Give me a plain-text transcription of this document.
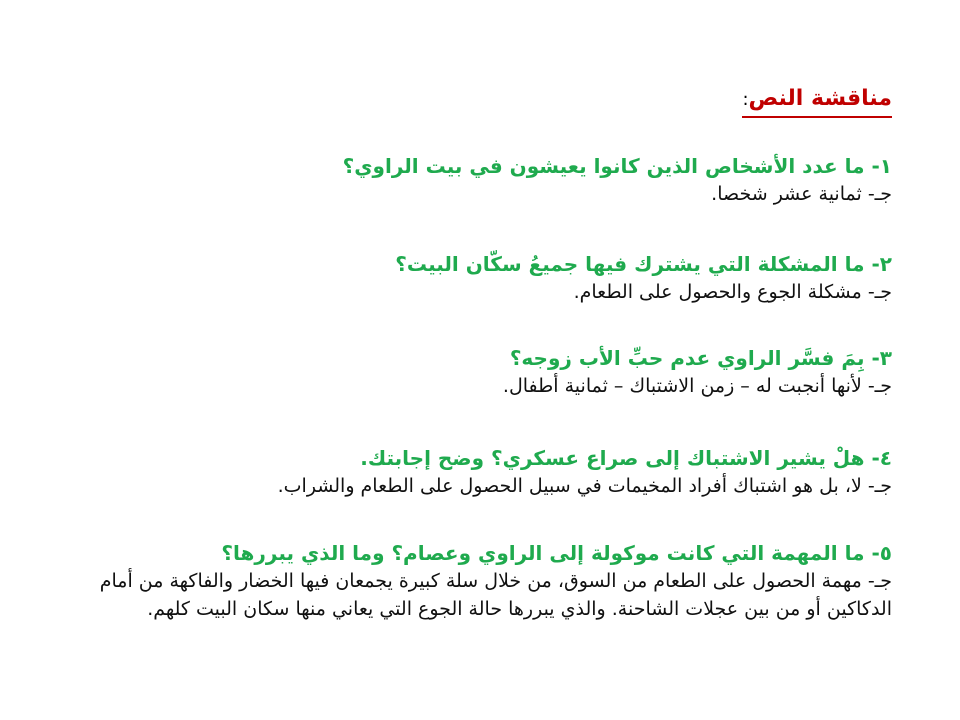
مناقشة النص:
١- ما عدد الأشخاص الذين كانوا يعيشون في بيت الراوي؟
جـ- ثمانية عشر شخصا.
٢- ما المشكلة التي يشترك فيها جميعُ سكّان البيت؟
جـ- مشكلة الجوع والحصول على الطعام.
٣- بِمَ فسَّر الراوي عدم حبِّ الأب زوجه؟
جـ- لأنها أنجبت له – زمن الاشتباك – ثمانية أطفال.
٤- هلْ يشير الاشتباك إلى صراع عسكري؟ وضح إجابتك.
جـ- لا، بل هو اشتباك أفراد المخيمات في سبيل الحصول على الطعام والشراب.
٥- ما المهمة التي كانت موكولة إلى الراوي وعصام؟ وما الذي يبررها؟
جـ- مهمة الحصول على الطعام من السوق، من خلال سلة كبيرة يجمعان فيها الخضار والفاكهة من أمام الدكاكين أو من بين عجلات الشاحنة. والذي يبررها حالة الجوع التي يعاني منها سكان البيت كلهم.
